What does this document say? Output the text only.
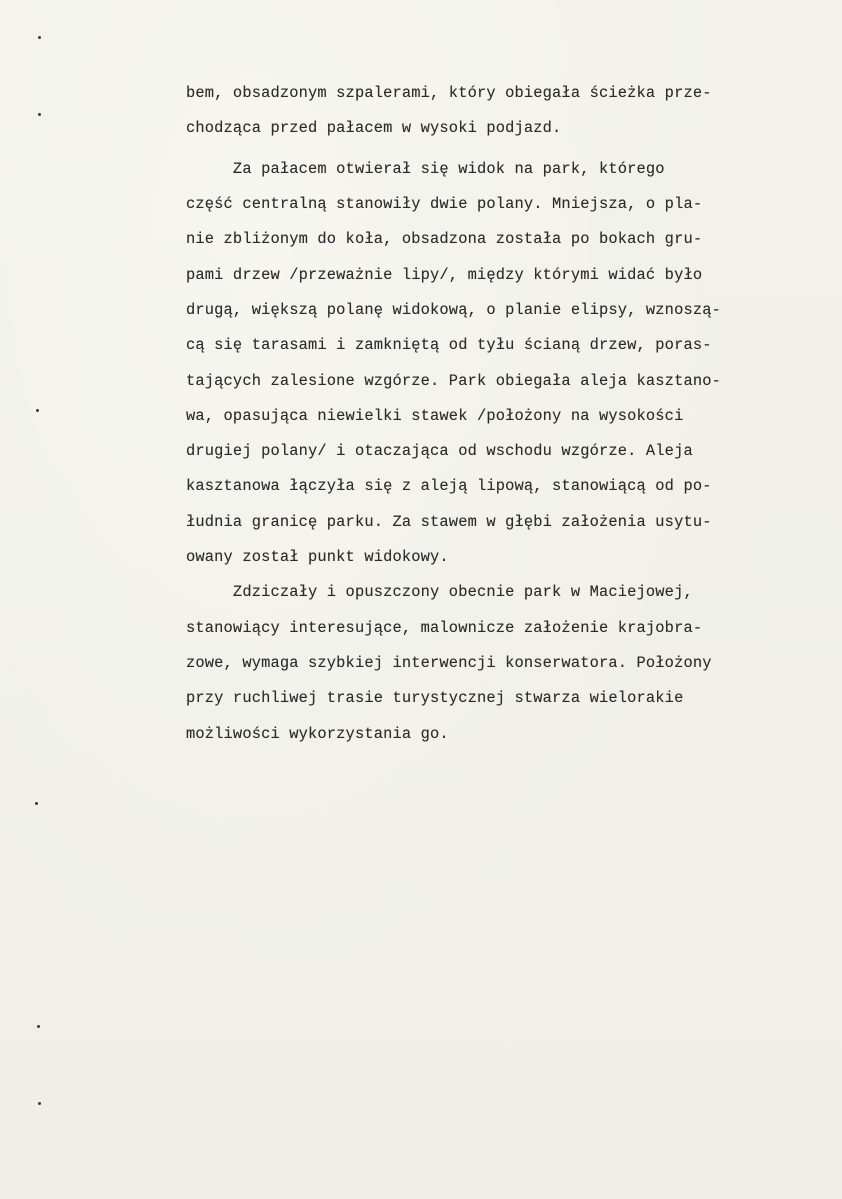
bem, obsadzonym szpalerami, który obiegała ścieżka prze-
chodząca przed pałacem w wysoki podjazd.
Za pałacem otwierał się widok na park, którego
część centralną stanowiły dwie polany. Mniejsza, o pla-
nie zbliżonym do koła, obsadzona została po bokach gru-
pami drzew /przeważnie lipy/, między którymi widać było
drugą, większą polanę widokową, o planie elipsy, wznoszą-
cą się tarasami i zamkniętą od tyłu ścianą drzew, poras-
tających zalesione wzgórze. Park obiegała aleja kasztano-
wa, opasująca niewielki stawek /położony na wysokości
drugiej polany/ i otaczająca od wschodu wzgórze. Aleja
kasztanowa łączyła się z aleją lipową, stanowiącą od po-
łudnia granicę parku. Za stawem w głębi założenia usytu-
owany został punkt widokowy.
Zdziczały i opuszczony obecnie park w Maciejowej,
stanowiący interesujące, malownicze założenie krajobra-
zowe, wymaga szybkiej interwencji konserwatora. Położony
przy ruchliwej trasie turystycznej stwarza wielorakie
możliwości wykorzystania go.
